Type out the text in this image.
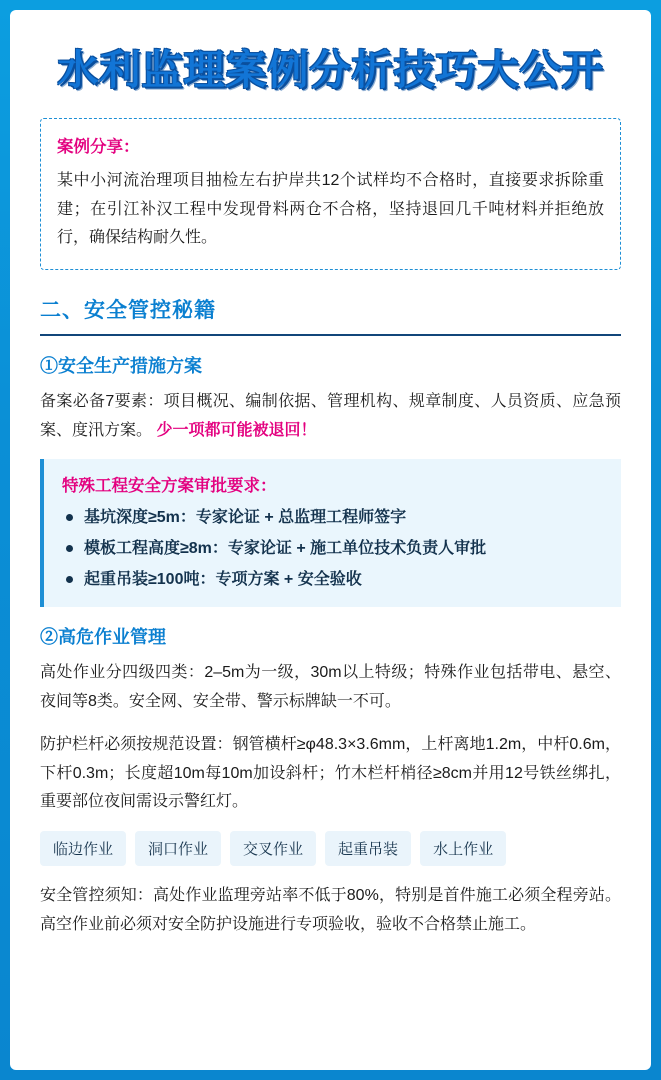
水利监理案例分析技巧大公开
案例分享：
某中小河流治理项目抽检左右护岸共12个试样均不合格时，直接要求拆除重建；在引江补汉工程中发现骨料两仓不合格，坚持退回几千吨材料并拒绝放行，确保结构耐久性。
二、安全管控秘籍
①安全生产措施方案

备案必备7要素：项目概况、编制依据、管理机构、规章制度、人员资质、应急预案、度汛方案。 少一项都可能被退回！

特殊工程安全方案审批要求：
基坑深度≥5m：专家论证 + 总监理工程师签字
模板工程高度≥8m：专家论证 + 施工单位技术负责人审批
起重吊装≥100吨：专项方案 + 安全验收
②高危作业管理

高处作业分四级四类：2–5m为一级，30m以上特级；特殊作业包括带电、悬空、夜间等8类。安全网、安全带、警示标牌缺一不可。

防护栏杆必须按规范设置：钢管横杆≥φ48.3×3.6mm，上杆离地1.2m，中杆0.6m，下杆0.3m；长度超10m每10m加设斜杆；竹木栏杆梢径≥8cm并用12号铁丝绑扎，重要部位夜间需设示警红灯。

临边作业	洞口作业	交叉作业	起重吊装	水上作业

安全管控须知：高处作业监理旁站率不低于80%，特别是首件施工必须全程旁站。高空作业前必须对安全防护设施进行专项验收，验收不合格禁止施工。
